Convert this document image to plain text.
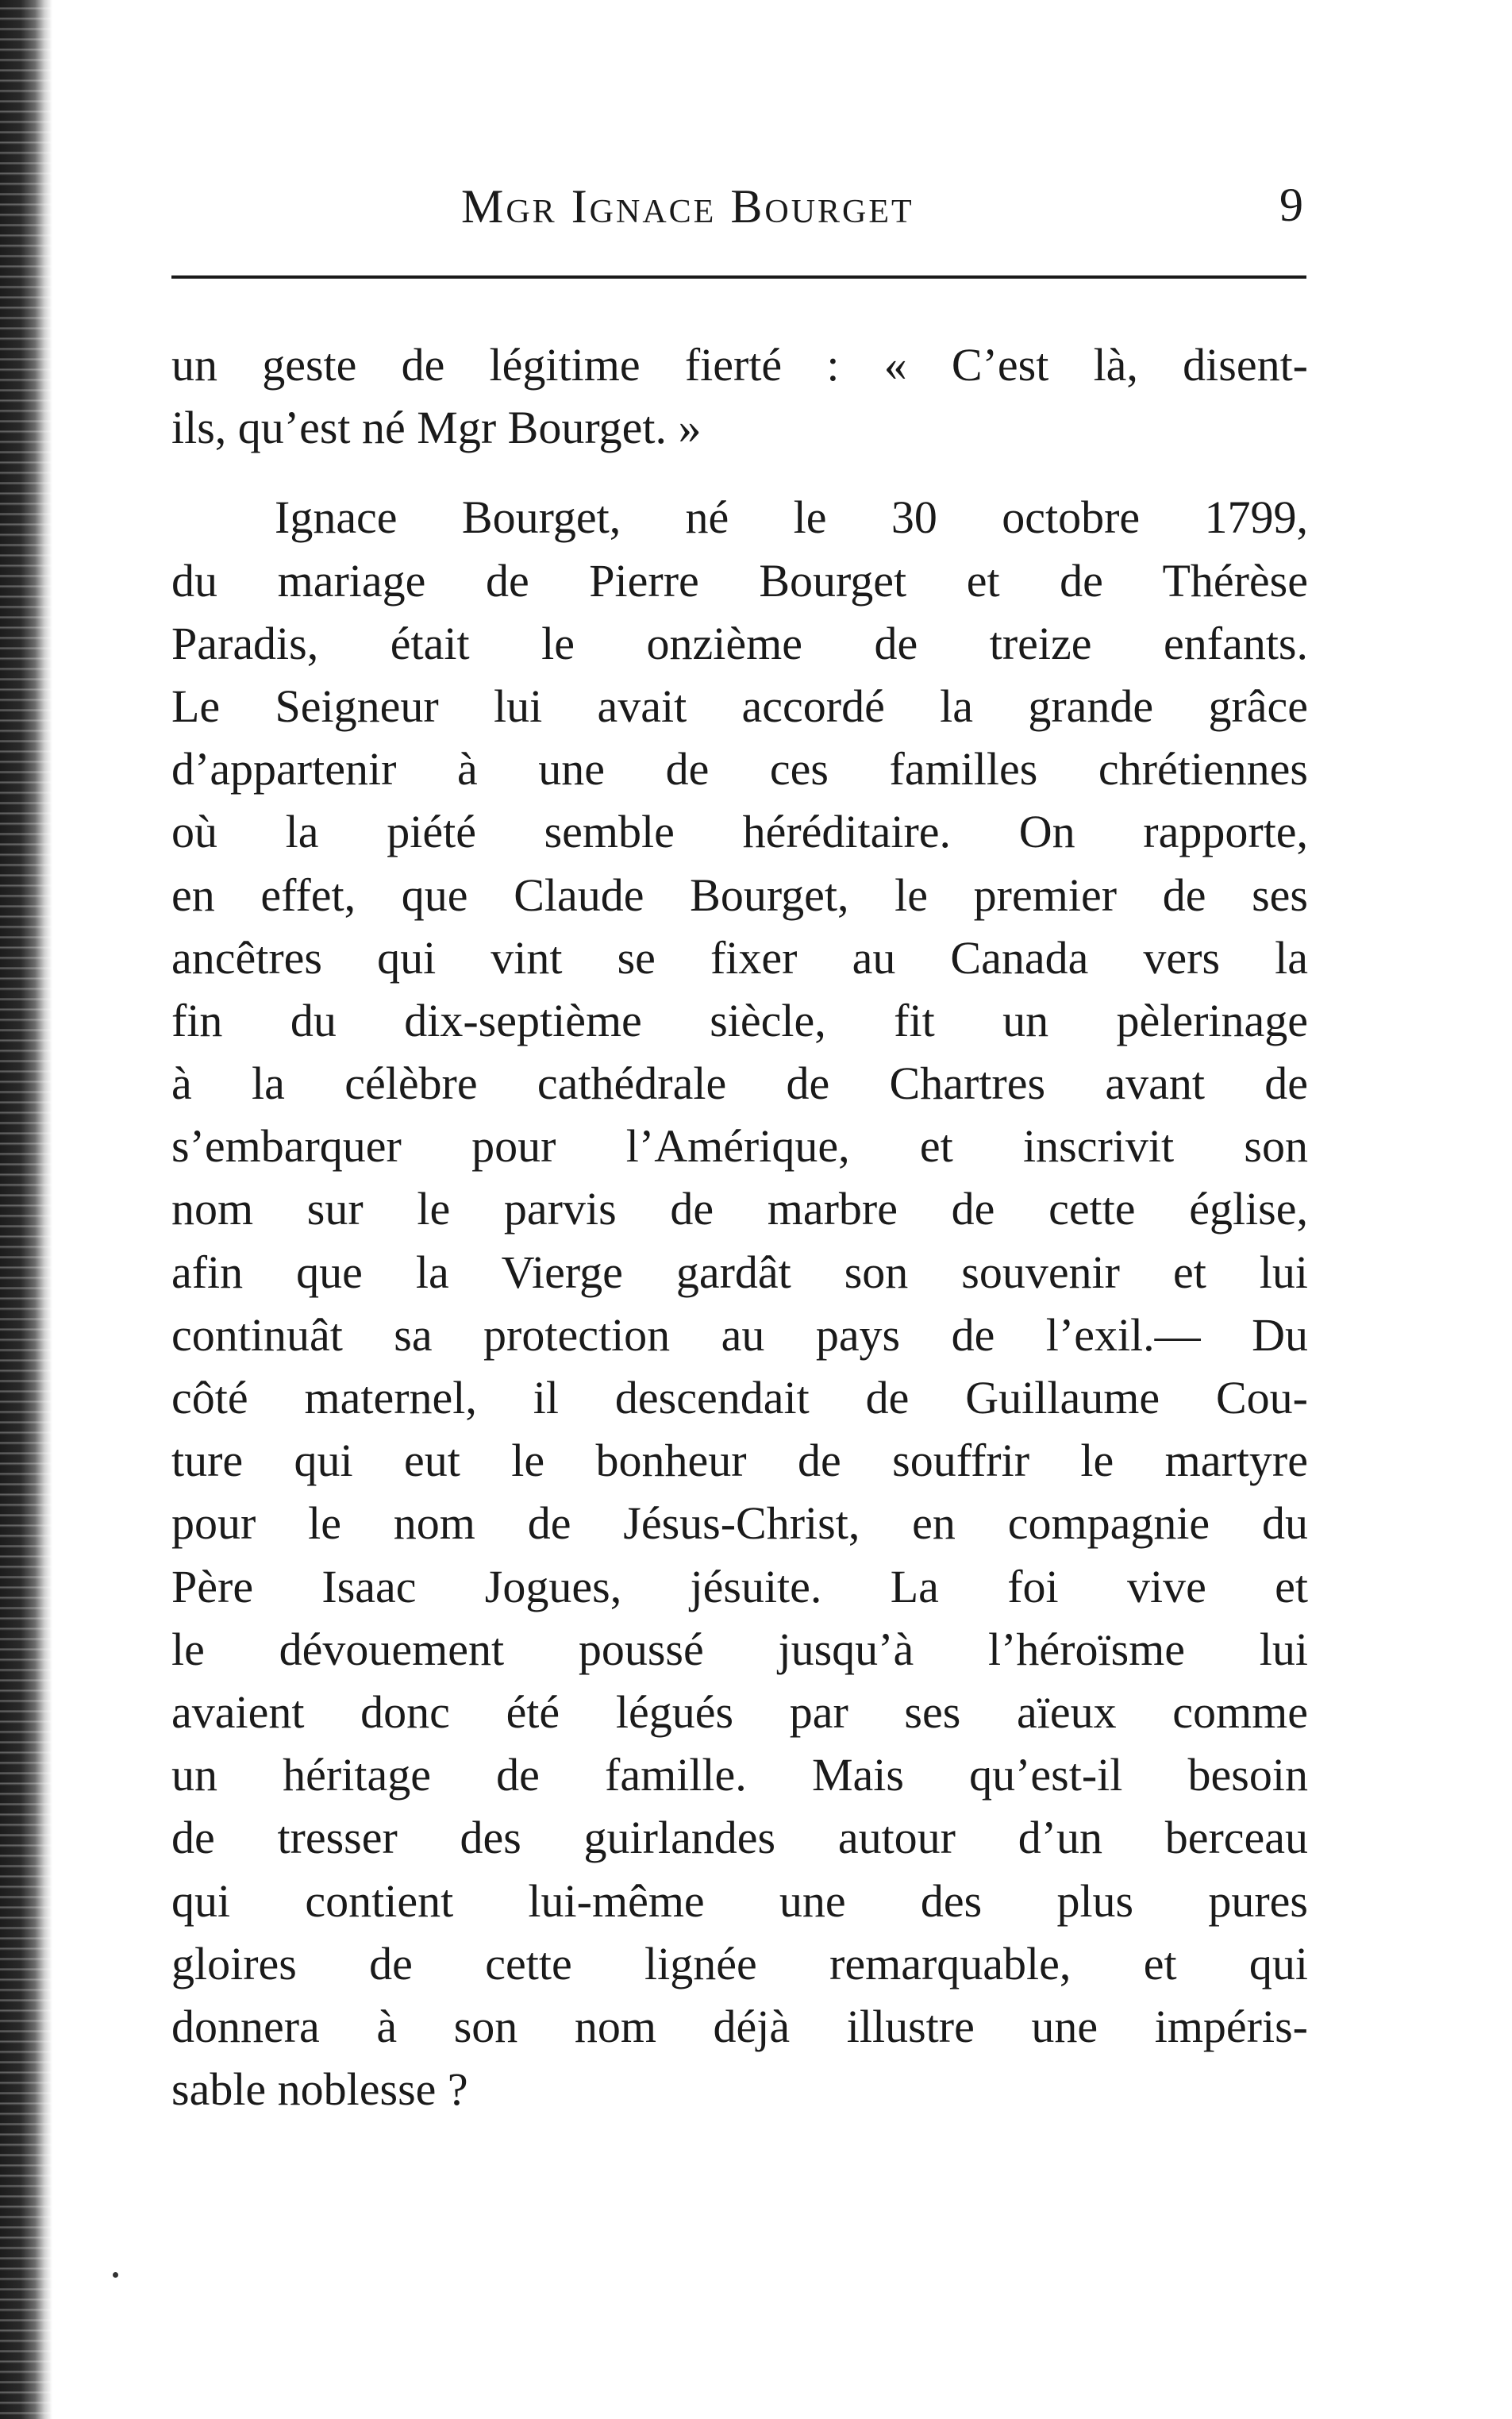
Mgr Ignace Bourget	9
un geste de légitime fierté : « C’est là, disent-
ils, qu’est né Mgr Bourget. »
Ignace Bourget, né le 30 octobre 1799,
du mariage de Pierre Bourget et de Thérèse
Paradis, était le onzième de treize enfants.
Le Seigneur lui avait accordé la grande grâce
d’appartenir à une de ces familles chrétiennes
où la piété semble héréditaire. On rapporte,
en effet, que Claude Bourget, le premier de ses
ancêtres qui vint se fixer au Canada vers la
fin du dix-septième siècle, fit un pèlerinage
à la célèbre cathédrale de Chartres avant de
s’embarquer pour l’Amérique, et inscrivit son
nom sur le parvis de marbre de cette église,
afin que la Vierge gardât son souvenir et lui
continuât sa protection au pays de l’exil.— Du
côté maternel, il descendait de Guillaume Cou-
ture qui eut le bonheur de souffrir le martyre
pour le nom de Jésus-Christ, en compagnie du
Père Isaac Jogues, jésuite. La foi vive et
le dévouement poussé jusqu’à l’héroïsme lui
avaient donc été légués par ses aïeux comme
un héritage de famille. Mais qu’est-il besoin
de tresser des guirlandes autour d’un berceau
qui contient lui-même une des plus pures
gloires de cette lignée remarquable, et qui
donnera à son nom déjà illustre une impéris-
sable noblesse ?
